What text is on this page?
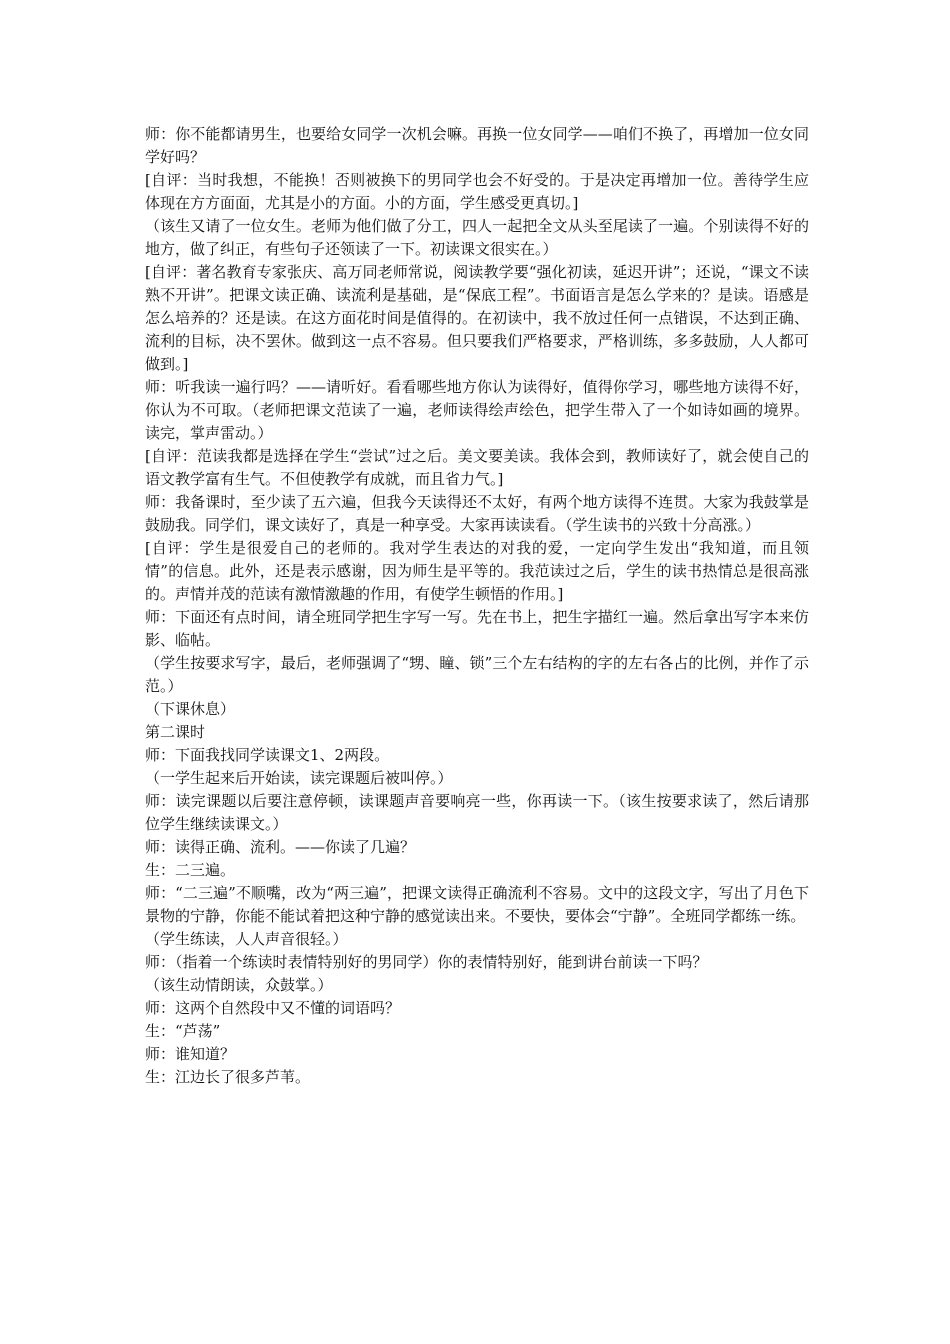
师：你不能都请男生，也要给女同学一次机会嘛。再换一位女同学——咱们不换了，再增加一位女同学好吗？

[自评：当时我想，不能换！否则被换下的男同学也会不好受的。于是决定再增加一位。善待学生应体现在方方面面，尤其是小的方面。小的方面，学生感受更真切。]

（该生又请了一位女生。老师为他们做了分工，四人一起把全文从头至尾读了一遍。个别读得不好的地方，做了纠正，有些句子还领读了一下。初读课文很实在。）

[自评：著名教育专家张庆、高万同老师常说，阅读教学要“强化初读，延迟开讲”；还说，“课文不读熟不开讲”。把课文读正确、读流利是基础，是“保底工程”。书面语言是怎么学来的？是读。语感是怎么培养的？还是读。在这方面花时间是值得的。在初读中，我不放过任何一点错误，不达到正确、流利的目标，决不罢休。做到这一点不容易。但只要我们严格要求，严格训练，多多鼓励，人人都可做到。]

师：听我读一遍行吗？——请听好。看看哪些地方你认为读得好，值得你学习，哪些地方读得不好，你认为不可取。（老师把课文范读了一遍，老师读得绘声绘色，把学生带入了一个如诗如画的境界。读完，掌声雷动。）

[自评：范读我都是选择在学生“尝试”过之后。美文要美读。我体会到，教师读好了，就会使自己的语文教学富有生气。不但使教学有成就，而且省力气。]

师：我备课时，至少读了五六遍，但我今天读得还不太好，有两个地方读得不连贯。大家为我鼓掌是鼓励我。同学们，课文读好了，真是一种享受。大家再读读看。（学生读书的兴致十分高涨。）

[自评：学生是很爱自己的老师的。我对学生表达的对我的爱，一定向学生发出“我知道，而且领情”的信息。此外，还是表示感谢，因为师生是平等的。我范读过之后，学生的读书热情总是很高涨的。声情并茂的范读有激情激趣的作用，有使学生顿悟的作用。]

师：下面还有点时间，请全班同学把生字写一写。先在书上，把生字描红一遍。然后拿出写字本来仿影、临帖。

（学生按要求写字，最后，老师强调了“甥、瞳、锁”三个左右结构的字的左右各占的比例，并作了示范。）

（下课休息）

第二课时

师：下面我找同学读课文1、2两段。

（一学生起来后开始读，读完课题后被叫停。）

师：读完课题以后要注意停顿，读课题声音要响亮一些，你再读一下。（该生按要求读了，然后请那位学生继续读课文。）

师：读得正确、流利。——你读了几遍？

生：二三遍。

师：“二三遍”不顺嘴，改为“两三遍”，把课文读得正确流利不容易。文中的这段文字，写出了月色下景物的宁静，你能不能试着把这种宁静的感觉读出来。不要快，要体会“宁静”。全班同学都练一练。

（学生练读，人人声音很轻。）

师：（指着一个练读时表情特别好的男同学）你的表情特别好，能到讲台前读一下吗？

（该生动情朗读，众鼓掌。）

师：这两个自然段中又不懂的词语吗？

生：“芦荡”

师：谁知道？

生：江边长了很多芦苇。
